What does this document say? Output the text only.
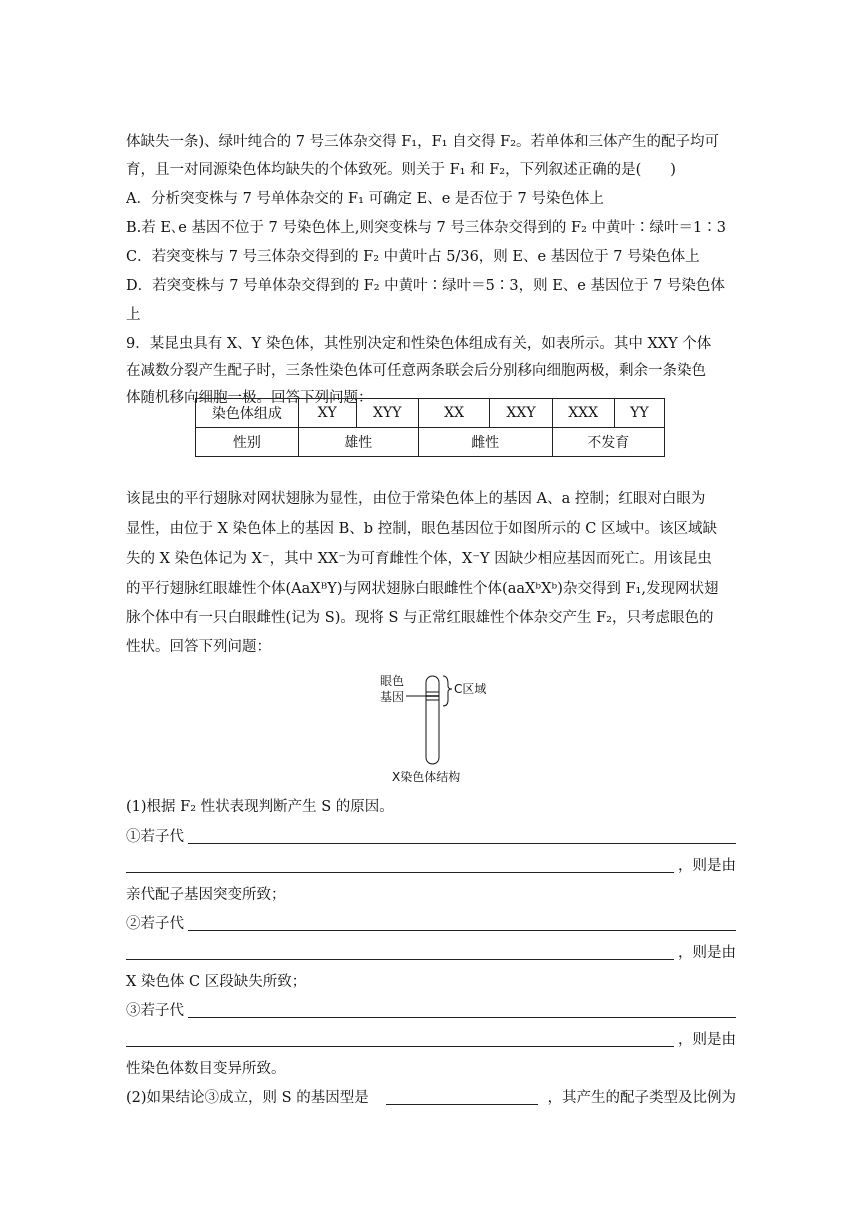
体缺失一条)、绿叶纯合的 7 号三体杂交得 F₁，F₁ 自交得 F₂。若单体和三体产生的配子均可
育，且一对同源染色体均缺失的个体致死。则关于 F₁ 和 F₂，下列叙述正确的是(　　)
A．分析突变株与 7 号单体杂交的 F₁ 可确定 E、e 是否位于 7 号染色体上
B.若 E､e 基因不位于 7 号染色体上,则突变株与 7 号三体杂交得到的 F₂ 中黄叶∶绿叶＝1∶3
C．若突变株与 7 号三体杂交得到的 F₂ 中黄叶占 5/36，则 E、e 基因位于 7 号染色体上
D．若突变株与 7 号单体杂交得到的 F₂ 中黄叶∶绿叶＝5∶3，则 E、e 基因位于 7 号染色体
上
9．某昆虫具有 X、Y 染色体，其性别决定和性染色体组成有关，如表所示。其中 XXY 个体
在减数分裂产生配子时，三条性染色体可任意两条联会后分别移向细胞两极，剩余一条染色
体随机移向细胞一极。回答下列问题：
染色体组成	XY	XYY	XX	XXY	XXX	YY
性别	雄性		雌性		不发育	
该昆虫的平行翅脉对网状翅脉为显性，由位于常染色体上的基因 A、a 控制；红眼对白眼为
显性，由位于 X 染色体上的基因 B、b 控制，眼色基因位于如图所示的 C 区域中。该区域缺
失的 X 染色体记为 X⁻，其中 XX⁻为可育雌性个体，X⁻Y 因缺少相应基因而死亡。用该昆虫
的平行翅脉红眼雄性个体(AaXᴮY)与网状翅脉白眼雌性个体(aaXᵇXᵇ)杂交得到 F₁,发现网状翅
脉个体中有一只白眼雌性(记为 S)。现将 S 与正常红眼雄性个体杂交产生 F₂，只考虑眼色的
性状。回答下列问题：
眼色
基因
C区域
X染色体结构
(1)根据 F₂ 性状表现判断产生 S 的原因。
①若子代
，则是由
亲代配子基因突变所致；
②若子代
，则是由
X 染色体 C 区段缺失所致；
③若子代
，则是由
性染色体数目变异所致。
(2)如果结论③成立，则 S 的基因型是	，其产生的配子类型及比例为
